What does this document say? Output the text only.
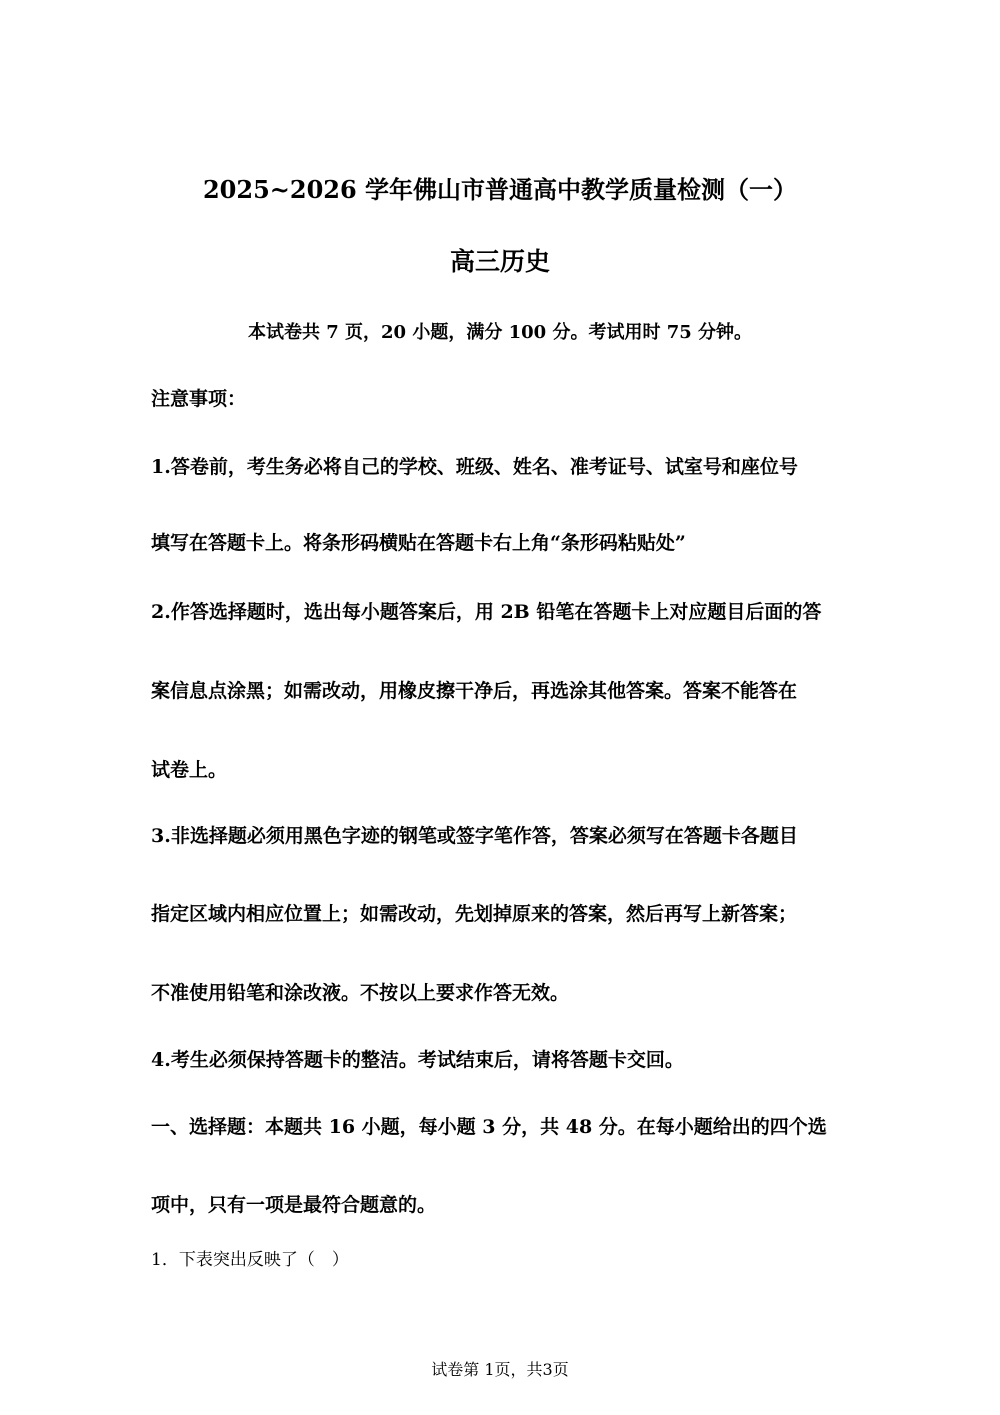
2025~2026 学年佛山市普通高中教学质量检测（一）
高三历史
本试卷共 7 页，20 小题，满分 100 分。考试用时 75 分钟。
注意事项：
1.答卷前，考生务必将自己的学校、班级、姓名、准考证号、试室号和座位号
填写在答题卡上。将条形码横贴在答题卡右上角“条形码粘贴处”
2.作答选择题时，选出每小题答案后，用 2B 铅笔在答题卡上对应题目后面的答
案信息点涂黑；如需改动，用橡皮擦干净后，再选涂其他答案。答案不能答在
试卷上。
3.非选择题必须用黑色字迹的钢笔或签字笔作答，答案必须写在答题卡各题目
指定区域内相应位置上；如需改动，先划掉原来的答案，然后再写上新答案；
不准使用铅笔和涂改液。不按以上要求作答无效。
4.考生必须保持答题卡的整洁。考试结束后，请将答题卡交回。
一、选择题：本题共 16 小题，每小题 3 分，共 48 分。在每小题给出的四个选
项中，只有一项是最符合题意的。
1．下表突出反映了（　）
试卷第 1页，共3页
